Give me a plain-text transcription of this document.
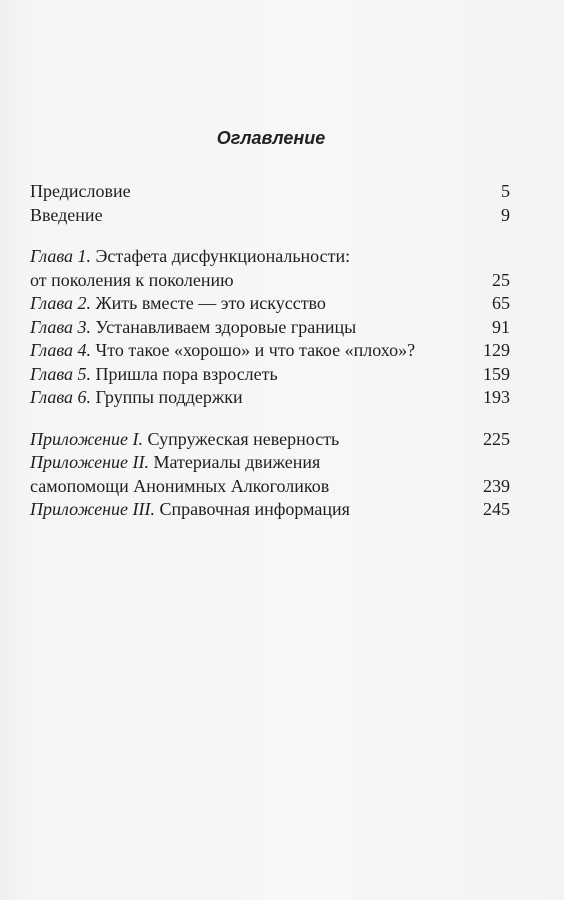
Оглавление
Предисловие	5
Введение	9
Глава 1. Эстафета дисфункциональности:
от поколения к поколению	25
Глава 2. Жить вместе — это искусство	65
Глава 3. Устанавливаем здоровые границы	91
Глава 4. Что такое «хорошо» и что такое «плохо»?	129
Глава 5. Пришла пора взрослеть	159
Глава 6. Группы поддержки	193
Приложение I. Супружеская неверность	225
Приложение II. Материалы движения
самопомощи Анонимных Алкоголиков	239
Приложение III. Справочная информация	245
